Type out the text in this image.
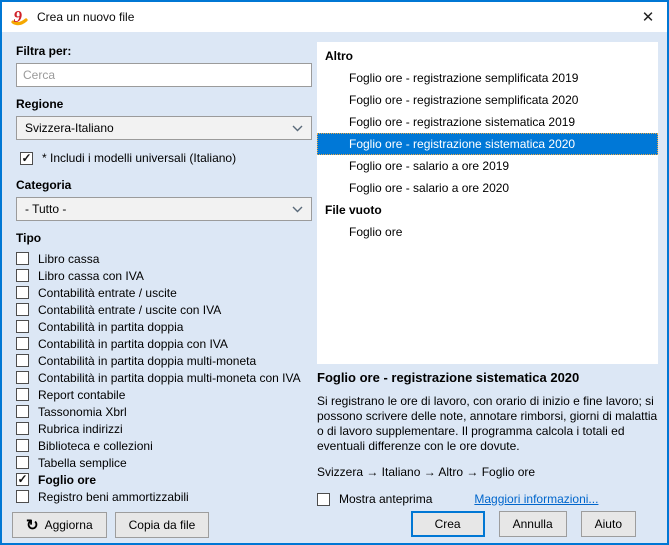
9 Crea un nuovo file	✕
Filtra per:
Cerca
Regione
Svizzera-Italiano
✓ * Includi i modelli universali (Italiano)
Categoria
- Tutto -
Tipo
Libro cassa
Libro cassa con IVA
Contabilità entrate / uscite
Contabilità entrate / uscite con IVA
Contabilità in partita doppia
Contabilità in partita doppia con IVA
Contabilità in partita doppia multi-moneta
Contabilità in partita doppia multi-moneta con IVA
Report contabile
Tassonomia Xbrl
Rubrica indirizzi
Biblioteca e collezioni
Tabella semplice
✓ Foglio ore
Registro beni ammortizzabili
↻ Aggiorna	Copia da file
Altro
Foglio ore - registrazione semplificata 2019
Foglio ore - registrazione semplificata 2020
Foglio ore - registrazione sistematica 2019
Foglio ore - registrazione sistematica 2020
Foglio ore - salario a ore 2019
Foglio ore - salario a ore 2020
File vuoto
Foglio ore
Foglio ore - registrazione sistematica 2020

Si registrano le ore di lavoro, con orario di inizio e fine lavoro; si possono scrivere delle note, annotare rimborsi, giorni di malattia o di lavoro supplementare. Il programma calcola i totali ed eventuali differenze con le ore dovute.

Svizzera → Italiano → Altro → Foglio ore
Mostra anteprima	Maggiori informazioni...
Crea	Annulla	Aiuto
